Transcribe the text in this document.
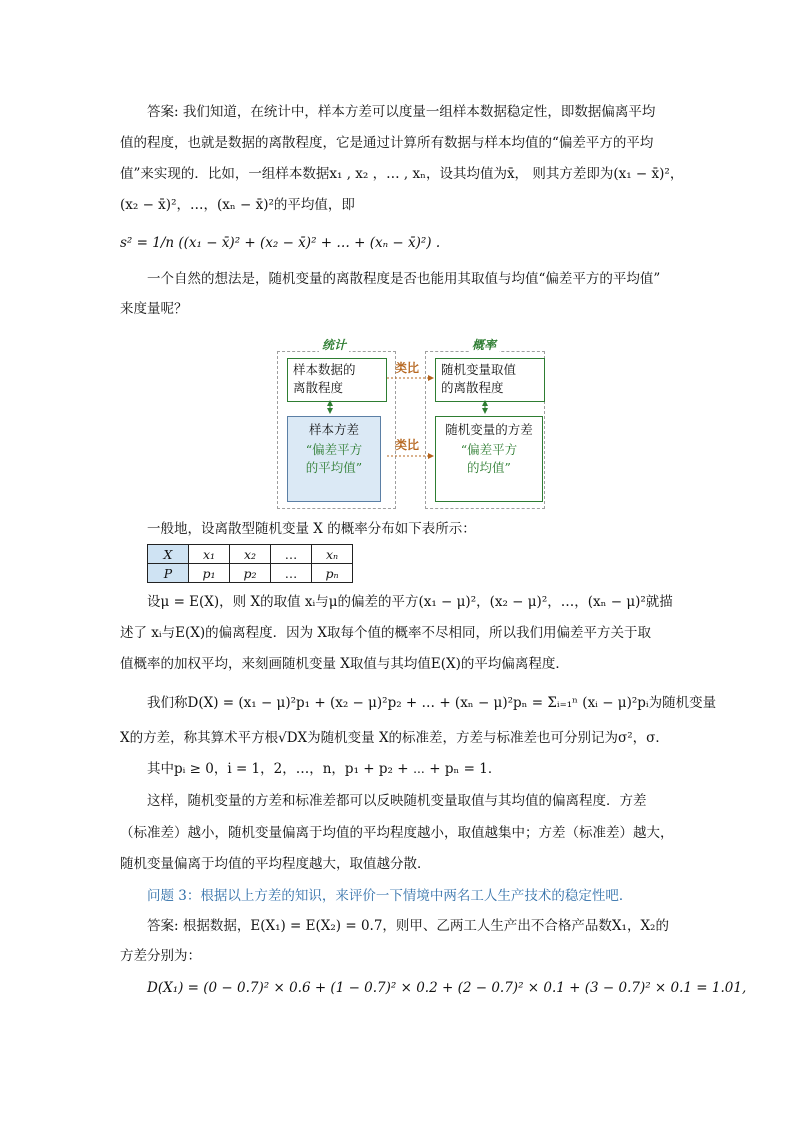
答案: 我们知道，在统计中，样本方差可以度量一组样本数据稳定性，即数据偏离平均
值的程度，也就是数据的离散程度，它是通过计算所有数据与样本均值的“偏差平方的平均
值”来实现的．比如，一组样本数据x₁ , x₂ ，… , xₙ，设其均值为x̄， 则其方差即为(x₁ − x̄)²，
(x₂ − x̄)²，…，(xₙ − x̄)²的平均值，即
s² = 1/n ((x₁ − x̄)² + (x₂ − x̄)² + … + (xₙ − x̄)²) .
一个自然的想法是，随机变量的离散程度是否也能用其取值与均值“偏差平方的平均值”
来度量呢？
统计	概率
样本数据的
离散程度
随机变量取值
的离散程度
样本方差
“偏差平方
的平均值”
随机变量的方差
“偏差平方
的均值”
类比
类比
一般地，设离散型随机变量 X 的概率分布如下表所示：
X	x₁	x₂	…	xₙ
P	p₁	p₂	…	pₙ
设μ = E(X)，则 X的取值 xᵢ与μ的偏差的平方(x₁ − μ)²，(x₂ − μ)²，…，(xₙ − μ)²就描
述了 xᵢ与E(X)的偏离程度．因为 X取每个值的概率不尽相同，所以我们用偏差平方关于取
值概率的加权平均，来刻画随机变量 X取值与其均值E(X)的平均偏离程度．
我们称D(X) = (x₁ − μ)²p₁ + (x₂ − μ)²p₂ + … + (xₙ − μ)²pₙ = Σᵢ₌₁ⁿ (xᵢ − μ)²pᵢ为随机变量
X的方差，称其算术平方根√DX为随机变量 X的标准差，方差与标准差也可分别记为σ²，σ．
其中pᵢ ≥ 0，i = 1，2，…，n，p₁ + p₂ + ⋯ + pₙ = 1．
这样，随机变量的方差和标准差都可以反映随机变量取值与其均值的偏离程度．方差
（标准差）越小，随机变量偏离于均值的平均程度越小，取值越集中；方差（标准差）越大，
随机变量偏离于均值的平均程度越大，取值越分散．
问题 3：根据以上方差的知识，来评价一下情境中两名工人生产技术的稳定性吧．
答案: 根据数据，E(X₁) = E(X₂) = 0.7，则甲、乙两工人生产出不合格产品数X₁，X₂的
方差分别为：
D(X₁) = (0 − 0.7)² × 0.6 + (1 − 0.7)² × 0.2 + (2 − 0.7)² × 0.1 + (3 − 0.7)² × 0.1 = 1.01,
